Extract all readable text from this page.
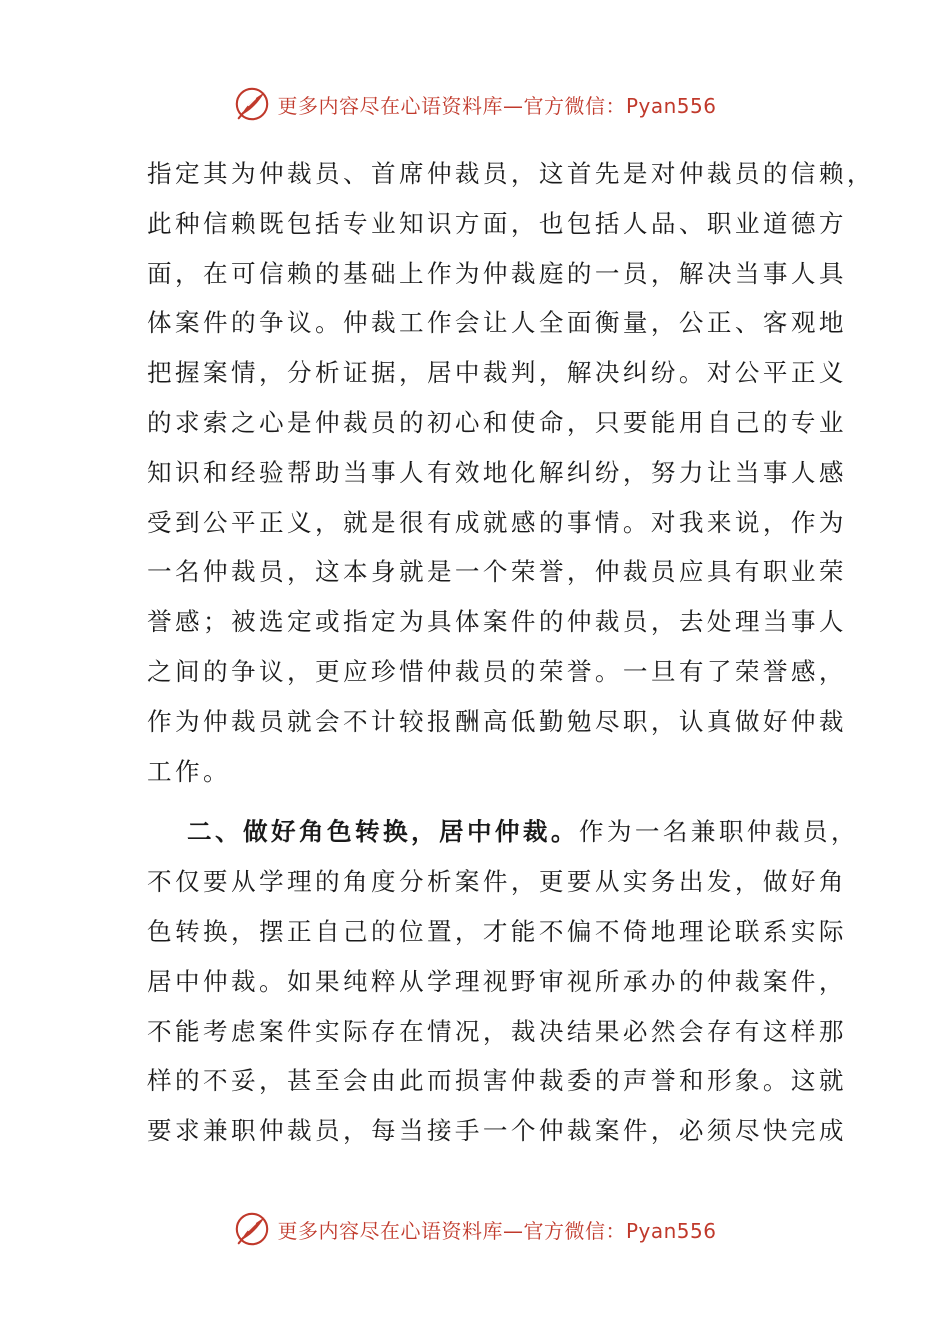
更多内容尽在心语资料库—官方微信：Pyan556
指定其为仲裁员、首席仲裁员，这首先是对仲裁员的信赖，
此种信赖既包括专业知识方面，也包括人品、职业道德方
面，在可信赖的基础上作为仲裁庭的一员，解决当事人具
体案件的争议。仲裁工作会让人全面衡量，公正、客观地
把握案情，分析证据，居中裁判，解决纠纷。对公平正义
的求索之心是仲裁员的初心和使命，只要能用自己的专业
知识和经验帮助当事人有效地化解纠纷，努力让当事人感
受到公平正义，就是很有成就感的事情。对我来说，作为
一名仲裁员，这本身就是一个荣誉，仲裁员应具有职业荣
誉感；被选定或指定为具体案件的仲裁员，去处理当事人
之间的争议，更应珍惜仲裁员的荣誉。一旦有了荣誉感，
作为仲裁员就会不计较报酬高低勤勉尽职，认真做好仲裁
工作。
二、做好角色转换，居中仲裁。作为一名兼职仲裁员，
不仅要从学理的角度分析案件，更要从实务出发，做好角
色转换，摆正自己的位置，才能不偏不倚地理论联系实际
居中仲裁。如果纯粹从学理视野审视所承办的仲裁案件，
不能考虑案件实际存在情况，裁决结果必然会存有这样那
样的不妥，甚至会由此而损害仲裁委的声誉和形象。这就
要求兼职仲裁员，每当接手一个仲裁案件，必须尽快完成
更多内容尽在心语资料库—官方微信：Pyan556
